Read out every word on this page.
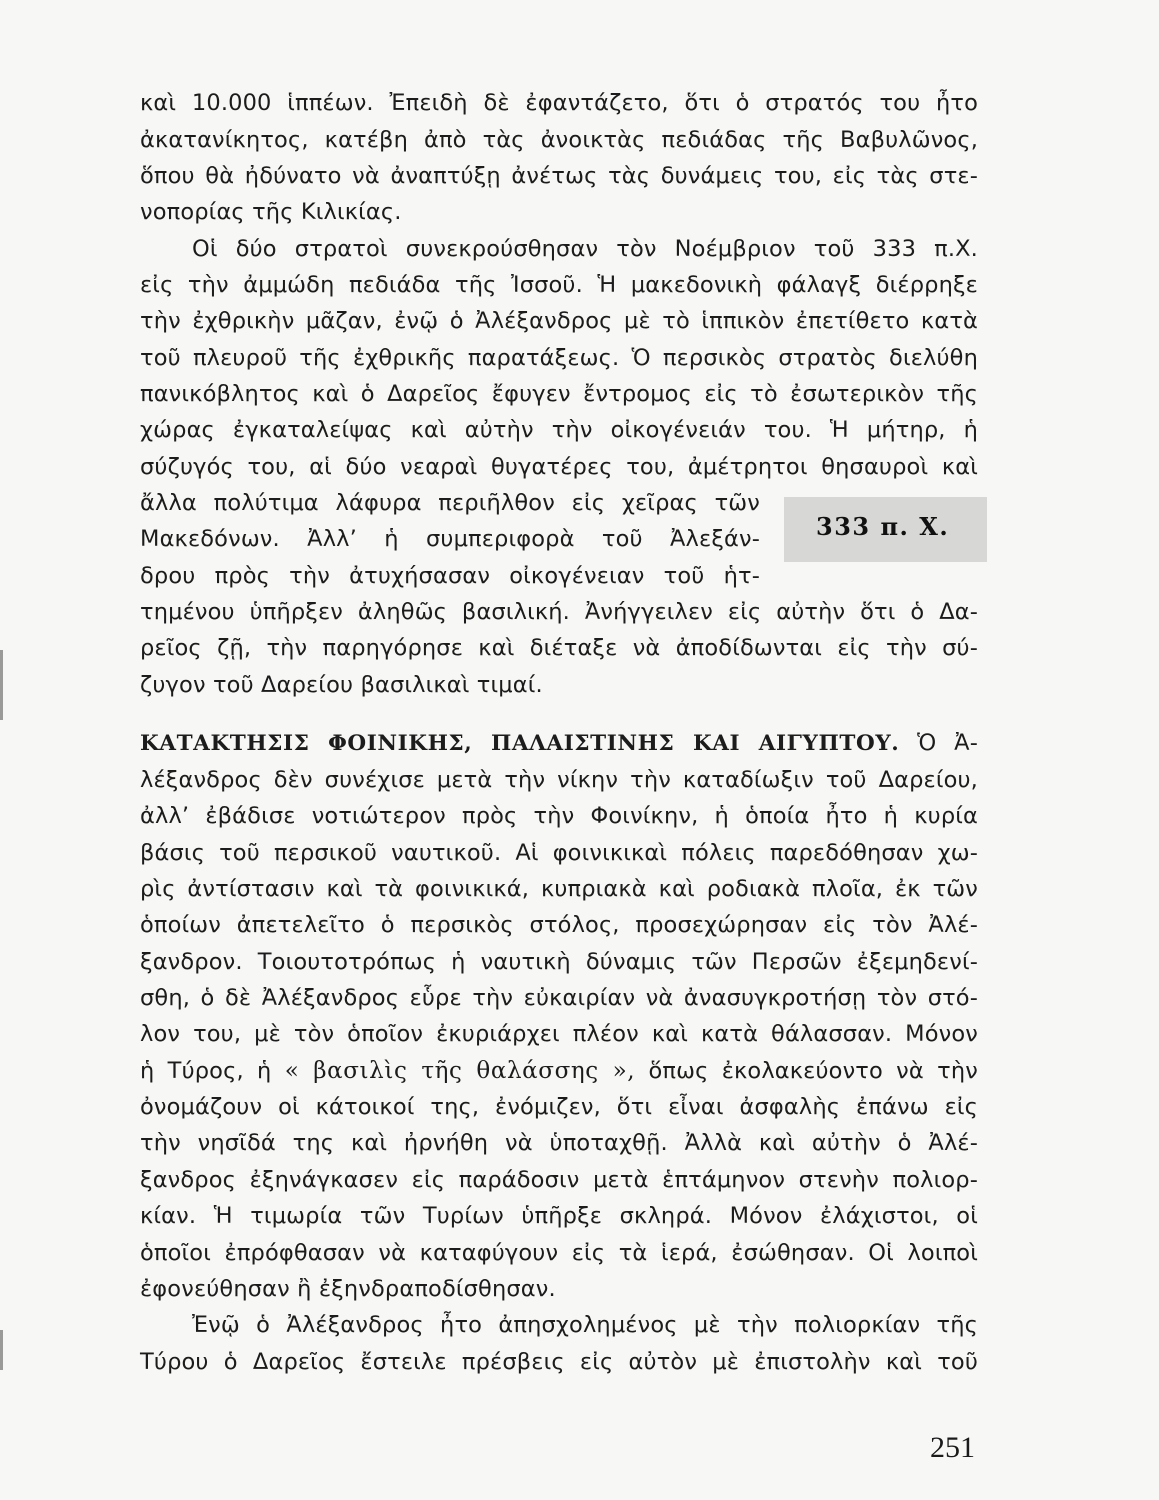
καὶ 10.000 ἱππέων. Ἐπειδὴ δὲ ἐφαντάζετο, ὅτι ὁ στρατός του ἦτο
ἀκατανίκητος, κατέβη ἀπὸ τὰς ἀνοικτὰς πεδιάδας τῆς Βαβυλῶνος,
ὅπου θὰ ἠδύνατο νὰ ἀναπτύξῃ ἀνέτως τὰς δυνάμεις του, εἰς τὰς στε-
νοπορίας τῆς Κιλικίας.
Οἱ δύο στρατοὶ συνεκρούσθησαν τὸν Νοέμβριον τοῦ 333 π.Χ.
εἰς τὴν ἀμμώδη πεδιάδα τῆς Ἰσσοῦ. Ἡ μακεδονικὴ φάλαγξ διέρρηξε
τὴν ἐχθρικὴν μᾶζαν, ἐνῷ ὁ Ἀλέξανδρος μὲ τὸ ἱππικὸν ἐπετίθετο κατὰ
τοῦ πλευροῦ τῆς ἐχθρικῆς παρατάξεως. Ὁ περσικὸς στρατὸς διελύθη
πανικόβλητος καὶ ὁ Δαρεῖος ἔφυγεν ἔντρομος εἰς τὸ ἐσωτερικὸν τῆς
χώρας ἐγκαταλείψας καὶ αὐτὴν τὴν οἰκογένειάν του. Ἡ μήτηρ, ἡ
σύζυγός του, αἱ δύο νεαραὶ θυγατέρες του, ἀμέτρητοι θησαυροὶ καὶ
ἄλλα πολύτιμα λάφυρα περιῆλθον εἰς χεῖρας τῶν
Μακεδόνων. Ἀλλ’ ἡ συμπεριφορὰ τοῦ Ἀλεξάν-
δρου πρὸς τὴν ἀτυχήσασαν οἰκογένειαν τοῦ ἡτ-
τημένου ὑπῆρξεν ἀληθῶς βασιλική. Ἀνήγγειλεν εἰς αὐτὴν ὅτι ὁ Δα-
ρεῖος ζῇ, τὴν παρηγόρησε καὶ διέταξε νὰ ἀποδίδωνται εἰς τὴν σύ-
ζυγον τοῦ Δαρείου βασιλικαὶ τιμαί.
333 π. Χ.
ΚΑΤΑΚΤΗΣΙΣ ΦΟΙΝΙΚΗΣ, ΠΑΛΑΙΣΤΙΝΗΣ ΚΑΙ ΑΙΓΥΠΤΟΥ. Ὁ Ἀ-
λέξανδρος δὲν συνέχισε μετὰ τὴν νίκην τὴν καταδίωξιν τοῦ Δαρείου,
ἀλλ’ ἐβάδισε νοτιώτερον πρὸς τὴν Φοινίκην, ἡ ὁποία ἦτο ἡ κυρία
βάσις τοῦ περσικοῦ ναυτικοῦ. Αἱ φοινικικαὶ πόλεις παρεδόθησαν χω-
ρὶς ἀντίστασιν καὶ τὰ φοινικικά, κυπριακὰ καὶ ροδιακὰ πλοῖα, ἐκ τῶν
ὁποίων ἀπετελεῖτο ὁ περσικὸς στόλος, προσεχώρησαν εἰς τὸν Ἀλέ-
ξανδρον. Τοιουτοτρόπως ἡ ναυτικὴ δύναμις τῶν Περσῶν ἐξεμηδενί-
σθη, ὁ δὲ Ἀλέξανδρος εὗρε τὴν εὐκαιρίαν νὰ ἀνασυγκροτήσῃ τὸν στό-
λον του, μὲ τὸν ὁποῖον ἐκυριάρχει πλέον καὶ κατὰ θάλασσαν. Μόνον
ἡ Τύρος, ἡ « βασιλὶς τῆς θαλάσσης », ὅπως ἐκολακεύοντο νὰ τὴν
ὀνομάζουν οἱ κάτοικοί της, ἐνόμιζεν, ὅτι εἶναι ἀσφαλὴς ἐπάνω εἰς
τὴν νησῖδά της καὶ ἠρνήθη νὰ ὑποταχθῇ. Ἀλλὰ καὶ αὐτὴν ὁ Ἀλέ-
ξανδρος ἐξηνάγκασεν εἰς παράδοσιν μετὰ ἑπτάμηνον στενὴν πολιορ-
κίαν. Ἡ τιμωρία τῶν Τυρίων ὑπῆρξε σκληρά. Μόνον ἐλάχιστοι, οἱ
ὁποῖοι ἐπρόφθασαν νὰ καταφύγουν εἰς τὰ ἱερά, ἐσώθησαν. Οἱ λοιποὶ
ἐφονεύθησαν ἢ ἐξηνδραποδίσθησαν.
Ἐνῷ ὁ Ἀλέξανδρος ἦτο ἀπησχολημένος μὲ τὴν πολιορκίαν τῆς
Τύρου ὁ Δαρεῖος ἔστειλε πρέσβεις εἰς αὐτὸν μὲ ἐπιστολὴν καὶ τοῦ
251
